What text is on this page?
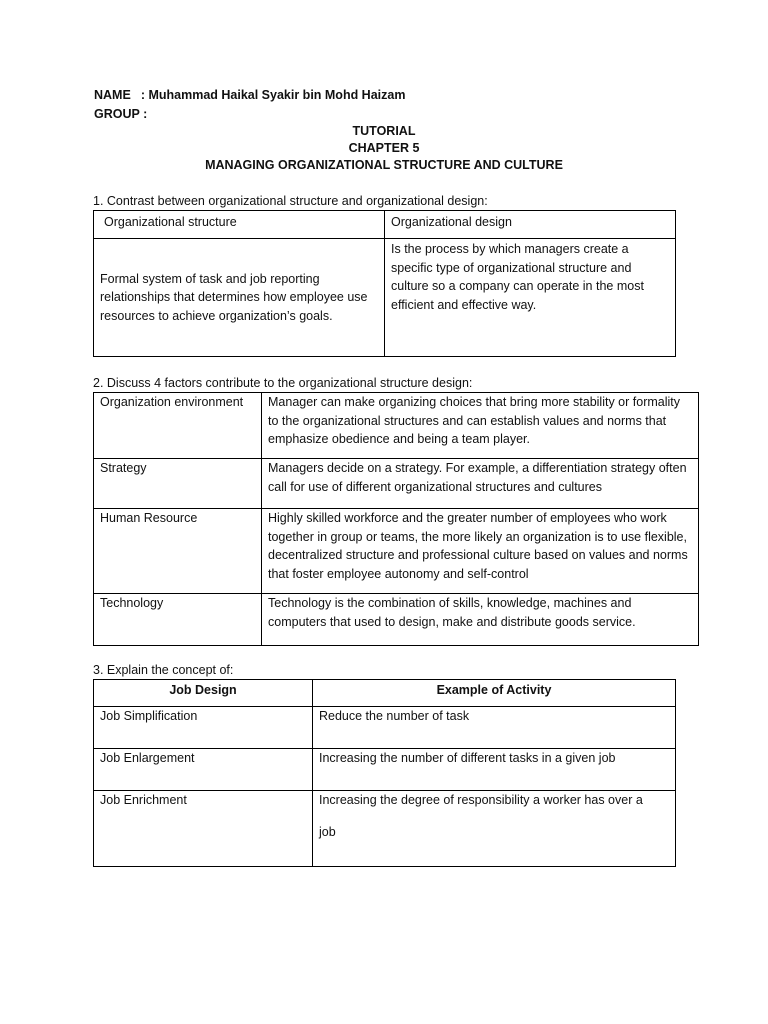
NAME : Muhammad Haikal Syakir bin Mohd Haizam
GROUP :
TUTORIAL
CHAPTER 5
MANAGING ORGANIZATIONAL STRUCTURE AND CULTURE
1. Contrast between organizational structure and organizational design:
Organizational structure	Organizational design

Formal system of task and job reporting relationships that determines how employee use resources to achieve organization’s goals.	Is the process by which managers create a specific type of organizational structure and culture so a company can operate in the most efficient and effective way.
2. Discuss 4 factors contribute to the organizational structure design:
Organization environment	Manager can make organizing choices that bring more stability or formality to the organizational structures and can establish values and norms that emphasize obedience and being a team player.

Strategy	Managers decide on a strategy. For example, a differentiation strategy often call for use of different organizational structures and cultures

Human Resource	Highly skilled workforce and the greater number of employees who work together in group or teams, the more likely an organization is to use flexible, decentralized structure and professional culture based on values and norms that foster employee autonomy and self-control

Technology	Technology is the combination of skills, knowledge, machines and computers that used to design, make and distribute goods service.
3. Explain the concept of:
Job Design	Example of Activity

Job Simplification	Reduce the number of task

Job Enlargement	Increasing the number of different tasks in a given job

Job Enrichment	Increasing the degree of responsibility a worker has over a job
